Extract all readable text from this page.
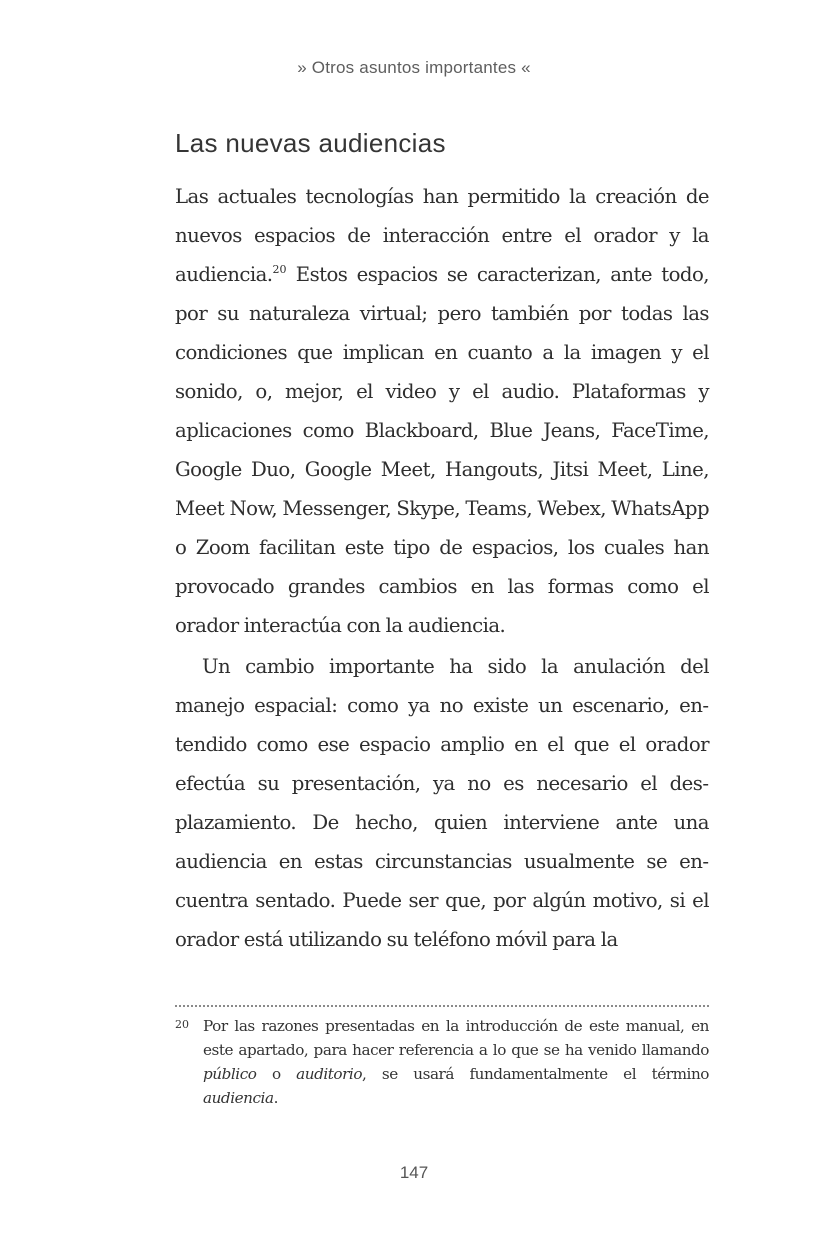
» Otros asuntos importantes «
Las nuevas audiencias

Las actuales tecnologías han permitido la creación de nuevos espacios de interacción entre el orador y la audiencia.$^{20}$ Estos espacios se caracterizan, ante todo, por su naturaleza virtual; pero también por todas las condiciones que implican en cuanto a la imagen y el sonido, o, mejor, el video y el audio. Plataformas y aplicaciones como Blackboard, Blue Jeans, FaceTime, Google Duo, Google Meet, Hangouts, Jitsi Meet, Line, Meet Now, Messenger, Skype, Teams, Webex, WhatsApp o Zoom facilitan este tipo de espacios, los cuales han provocado grandes cambios en las formas como el orador interactúa con la audiencia.

Un cambio importante ha sido la anulación del manejo espacial: como ya no existe un escenario, entendido como ese espacio amplio en el que el orador efectúa su presentación, ya no es necesario el desplazamiento. De hecho, quien interviene ante una audiencia en estas circunstancias usualmente se encuentra sentado. Puede ser que, por algún motivo, si el orador está utilizando su teléfono móvil para la

20 Por las razones presentadas en la introducción de este manual, en este apartado, para hacer referencia a lo que se ha venido llamando público o auditorio, se usará fundamentalmente el término audiencia.
147
